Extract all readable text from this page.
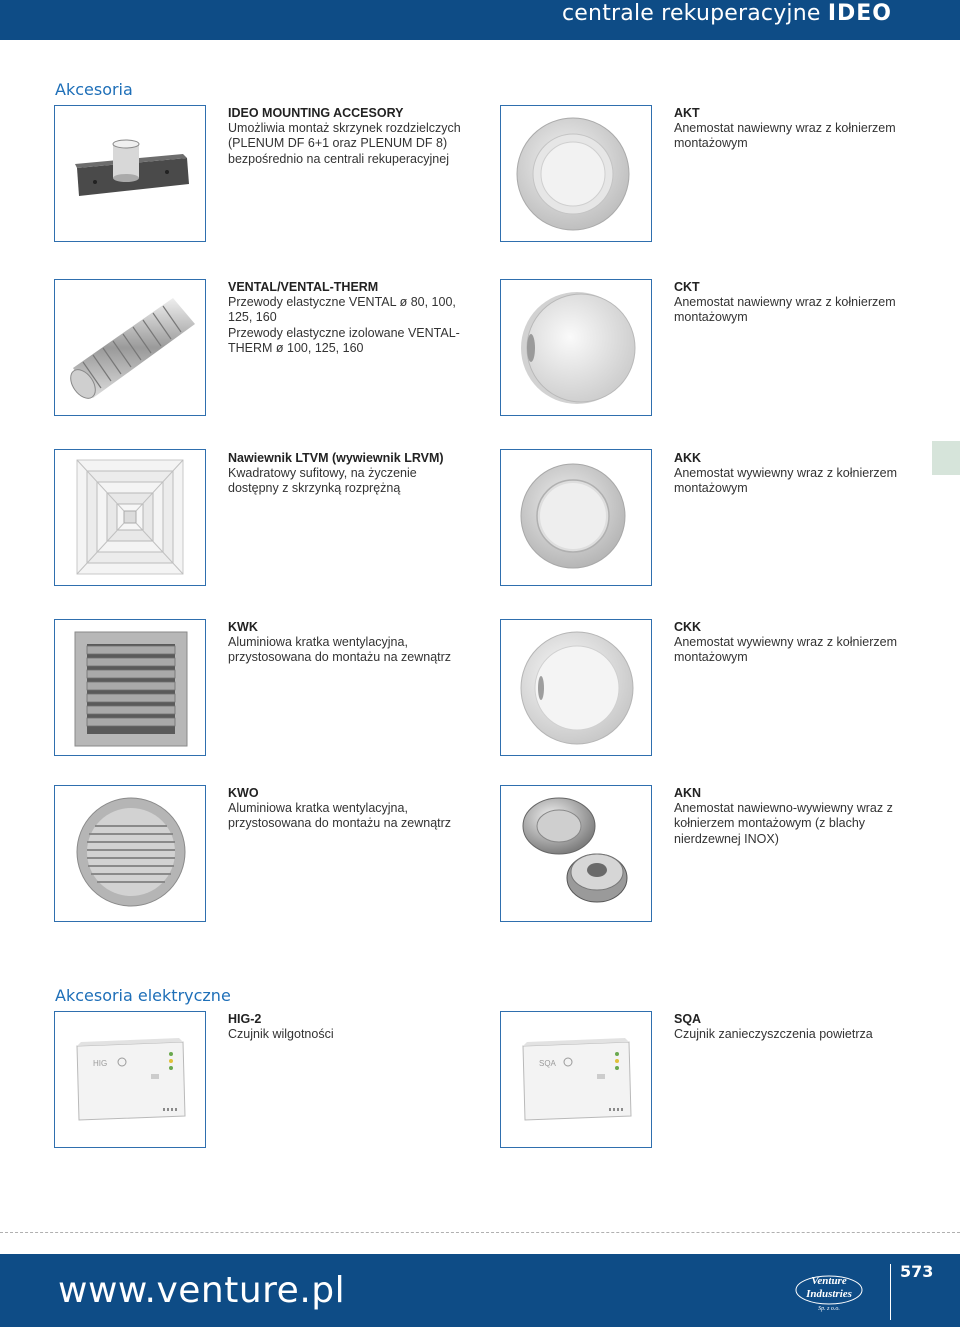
centrale rekuperacyjne IDEO
Akcesoria
IDEO MOUNTING ACCESORY
Umożliwia montaż skrzynek rozdzielczych (PLENUM DF 6+1 oraz PLENUM DF 8) bezpośrednio na centrali rekuperacyjnej
AKT
Anemostat nawiewny wraz z kołnierzem montażowym
VENTAL/VENTAL-THERM
Przewody elastyczne VENTAL ø 80, 100, 125, 160
Przewody elastyczne izolowane VENTAL-THERM ø 100, 125, 160
CKT
Anemostat nawiewny wraz z kołnierzem montażowym
Nawiewnik LTVM (wywiewnik LRVM)
Kwadratowy sufitowy, na życzenie dostępny z skrzynką rozprężną
AKK
Anemostat wywiewny wraz z kołnierzem montażowym
KWK
Aluminiowa kratka wentylacyjna, przystosowana do montażu na zewnątrz
CKK
Anemostat wywiewny wraz z kołnierzem montażowym
KWO
Aluminiowa kratka wentylacyjna, przystosowana do montażu na zewnątrz
AKN
Anemostat nawiewno-wywiewny wraz z kołnierzem montażowym (z blachy nierdzewnej INOX)
Akcesoria elektryczne
HIG
HIG-2
Czujnik wilgotności
SQA
SQA
Czujnik zanieczyszczenia powietrza
www.venture.pl	Venture
Industries
Sp. z o.o.
573
